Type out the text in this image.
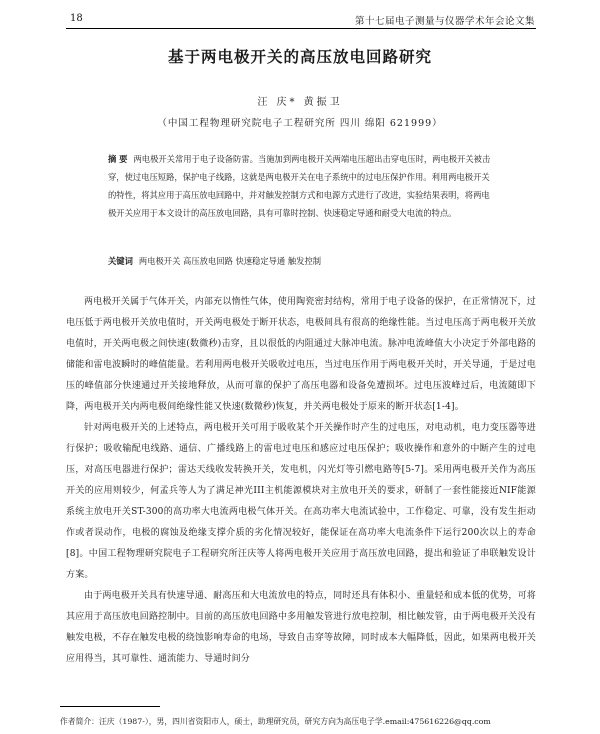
18	第十七届电子测量与仪器学术年会论文集
基于两电极开关的高压放电回路研究
汪 庆* 黄振卫
（中国工程物理研究院电子工程研究所 四川 绵阳 621999）
摘 要 两电极开关常用于电子设备防雷。当施加到两电极开关两端电压超出击穿电压时，两电极开关被击穿，使过电压短路，保护电子线路，这就是两电极开关在电子系统中的过电压保护作用。利用两电极开关的特性，将其应用于高压放电回路中，并对触发控制方式和电源方式进行了改进，实验结果表明，将两电极开关应用于本文设计的高压放电回路，具有可靠时控制、快速稳定导通和耐受大电流的特点。
关键词 两电极开关 高压放电回路 快速稳定导通 触发控制

两电极开关属于气体开关，内部充以惰性气体，使用陶瓷密封结构，常用于电子设备的保护，在正常情况下，过电压低于两电极开关放电值时，开关两电极处于断开状态，电极间具有很高的绝缘性能。当过电压高于两电极开关放电值时，开关两电极之间快速(数微秒)击穿，且以很低的内阻通过大脉冲电流。脉冲电流峰值大小决定于外部电路的储能和雷电波瞬时的峰值能量。若利用两电极开关吸收过电压，当过电压作用于两电极开关时，开关导通，于是过电压的峰值部分快速通过开关接地释放，从而可靠的保护了高压电器和设备免遭损坏。过电压波峰过后，电流随即下降，两电极开关内两电极间绝缘性能又快速(数微秒)恢复，并关两电极处于原来的断开状态[1-4]。

针对两电极开关的上述特点，两电极开关可用于吸收某个开关操作时产生的过电压，对电动机，电力变压器等进行保护；吸收输配电线路、通信、广播线路上的雷电过电压和感应过电压保护；吸收操作和意外的中断产生的过电压，对高压电器进行保护；雷达天线收发转换开关，发电机，闪光灯等引燃电路等[5-7]。采用两电极开关作为高压开关的应用则较少，何孟兵等人为了满足神光III主机能源模块对主放电开关的要求，研制了一套性能接近NIF能源系统主放电开关ST-300的高功率大电流两电极气体开关。在高功率大电流试验中，工作稳定、可靠，没有发生拒动作或者误动作，电极的腐蚀及绝缘支撑介质的劣化情况较好，能保证在高功率大电流条件下运行200次以上的寿命[8]。中国工程物理研究院电子工程研究所汪庆等人将两电极开关应用于高压放电回路，提出和验证了串联触发设计方案。

由于两电极开关具有快速导通、耐高压和大电流放电的特点，同时还具有体积小、重量轻和成本低的优势，可将其应用于高压放电回路控制中。目前的高压放电回路中多用触发管进行放电控制，相比触发管，由于两电极开关没有触发电极，不存在触发电极的绕蚀影响寿命的电场，导致自击穿等故障，同时成本大幅降低，因此，如果两电极开关应用得当，其可靠性、通流能力、导通时间分

作者简介：汪庆（1987-），男，四川省资阳市人，硕士，助理研究员，研究方向为高压电子学.email:475616226@qq.com
